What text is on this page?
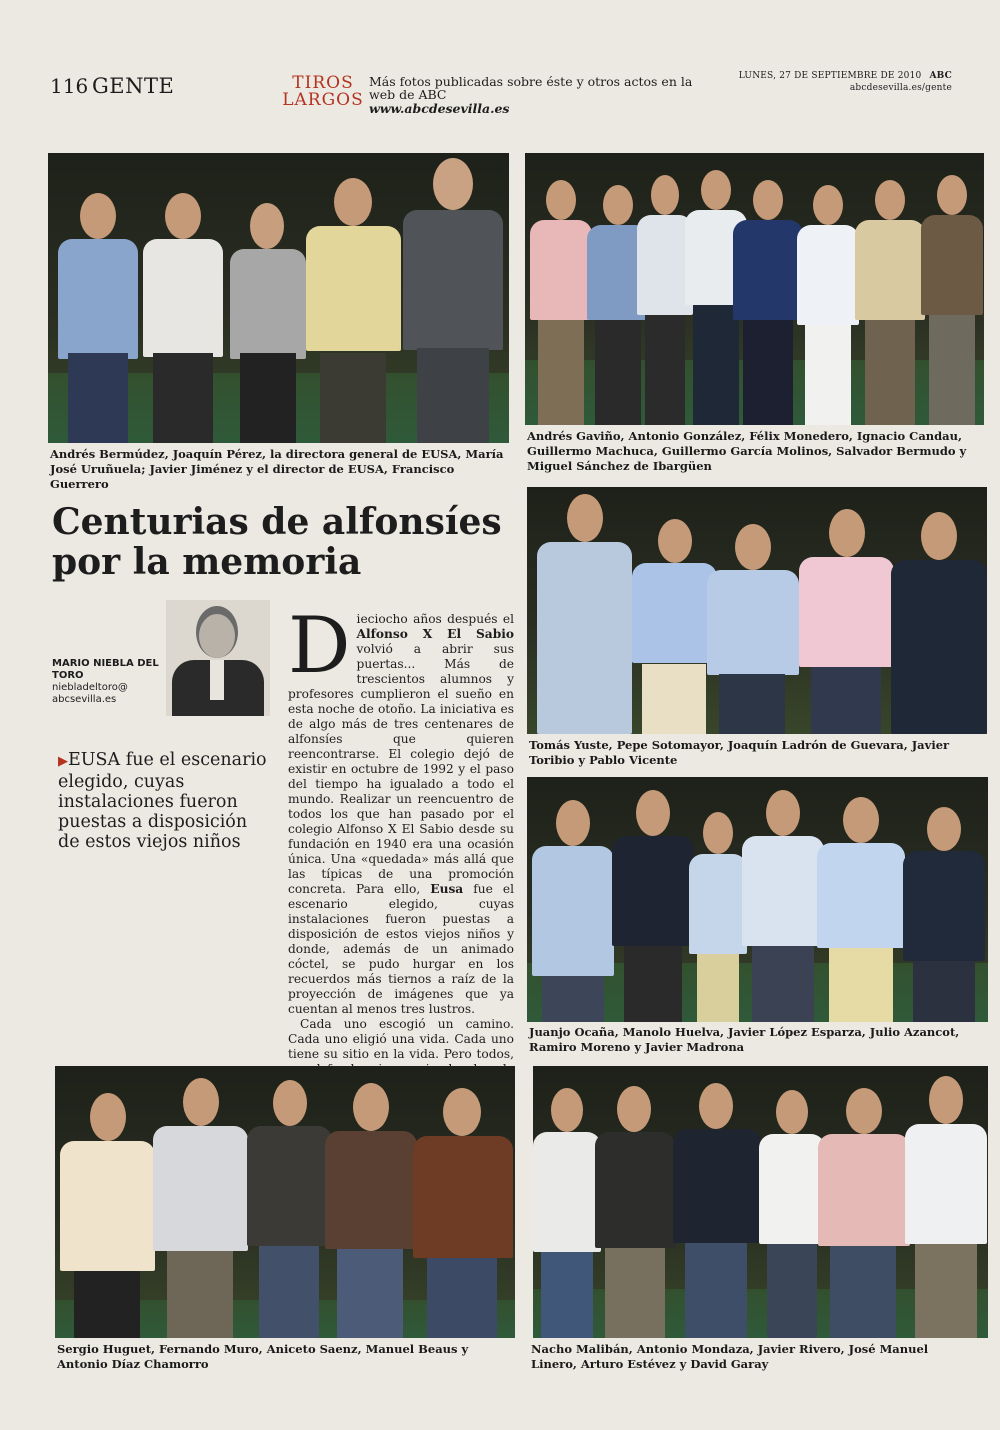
116 GENTE	TIROS
LARGOS
Más fotos publicadas sobre éste y otros actos en la web de ABC
www.abcdesevilla.es
LUNES, 27 DE SEPTIEMBRE DE 2010 ABC
abcdesevilla.es/gente
Andrés Bermúdez, Joaquín Pérez, la directora general de EUSA, María José Uruñuela; Javier Jiménez y el director de EUSA, Francisco Guerrero
Andrés Gaviño, Antonio González, Félix Monedero, Ignacio Candau, Guillermo Machuca, Guillermo García Molinos, Salvador Bermudo y Miguel Sánchez de Ibargüen
Tomás Yuste, Pepe Sotomayor, Joaquín Ladrón de Guevara, Javier Toribio y Pablo Vicente
Juanjo Ocaña, Manolo Huelva, Javier López Esparza, Julio Azancot, Ramiro Moreno y Javier Madrona
Centurias de alfonsíes por la memoria
MARIO NIEBLA DEL TORO
niebladeltoro@ abcsevilla.es
▶EUSA fue el escenario elegido, cuyas instalaciones fueron puestas a disposición de estos viejos niños

Dieciocho años después el Alfonso X El Sabio volvió a abrir sus puertas... Más de trescientos alumnos y profesores cumplieron el sueño en esta noche de otoño. La iniciativa es de algo más de tres centenares de alfonsíes que quieren reencontrarse. El colegio dejó de existir en octubre de 1992 y el paso del tiempo ha igualado a todo el mundo. Realizar un reencuentro de todos los que han pasado por el colegio Alfonso X El Sabio desde su fundación en 1940 era una ocasión única. Una «quedada» más allá que las típicas de una promoción concreta. Para ello, Eusa fue el escenario elegido, cuyas instalaciones fueron puestas a disposición de estos viejos niños y donde, además de un animado cóctel, se pudo hurgar en los recuerdos más tiernos a raíz de la proyección de imágenes que ya cuentan al menos tres lustros.

Cada uno escogió un camino. Cada uno eligió una vida. Cada uno tiene su sitio en la vida. Pero todos,

Sergio Huguet, Fernando Muro, Aniceto Saenz, Manuel Beaus y Antonio Díaz Chamorro
Nacho Malibán, Antonio Mondaza, Javier Rivero, José Manuel Linero, Arturo Estévez y David Garay
